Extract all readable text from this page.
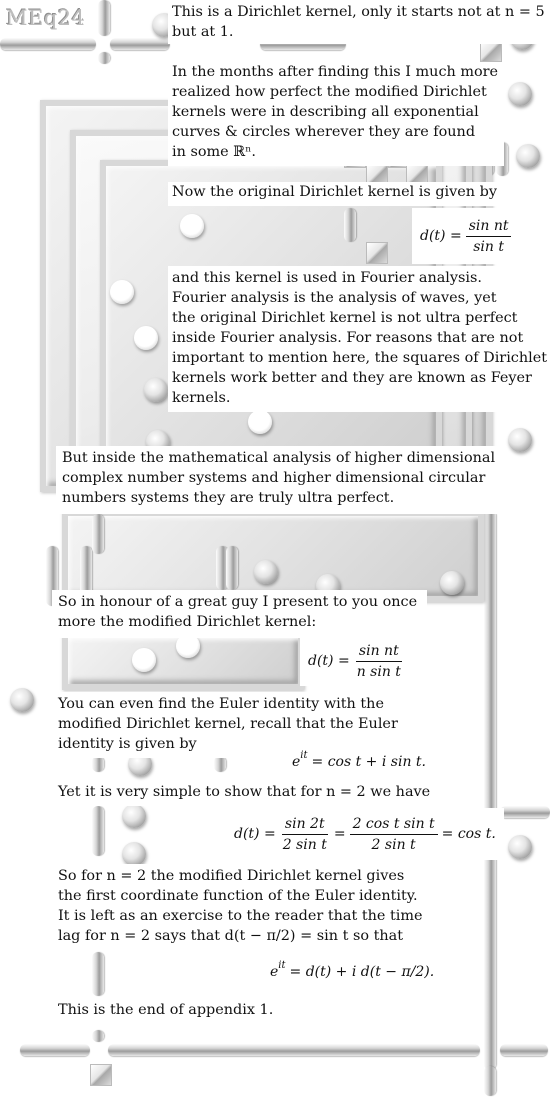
MEq24	This is a Dirichlet kernel, only it starts not at n = 5

but at 1.

In the months after finding this I much more

realized how perfect the modified Dirichlet

kernels were in describing all exponential

curves & circles wherever they are found

in some ℝⁿ.

Now the original Dirichlet kernel is given by

$d(t) = \frac{\text{sin nt}}{\text{sin t}}$

and this kernel is used in Fourier analysis.

Fourier analysis is the analysis of waves, yet

the original Dirichlet kernel is not ultra perfect

inside Fourier analysis. For reasons that are not

important to mention here, the squares of Dirichlet

kernels work better and they are known as Feyer

kernels.

But inside the mathematical analysis of higher dimensional

complex number systems and higher dimensional circular

numbers systems they are truly ultra perfect.

So in honour of a great guy I present to you once

more the modified Dirichlet kernel:

$d(t) = \frac{\text{sin nt}}{\text{n sin t}}$

You can even find the Euler identity with the

modified Dirichlet kernel, recall that the Euler

identity is given by

e it = cos t + i sin t.

Yet it is very simple to show that for n = 2 we have

$d(t) = \frac{\sin 2t}{\text{2 sin t}} = \frac{\text{2 cos t sin t}}{\text{2 sin t}} = \cos t$.

So for n = 2 the modified Dirichlet kernel gives

the first coordinate function of the Euler identity.

It is left as an exercise to the reader that the time

lag for n = 2 says that d(t − π/2) = sin t so that

e it = d(t) + i d(t − π/2).

This is the end of appendix 1.
